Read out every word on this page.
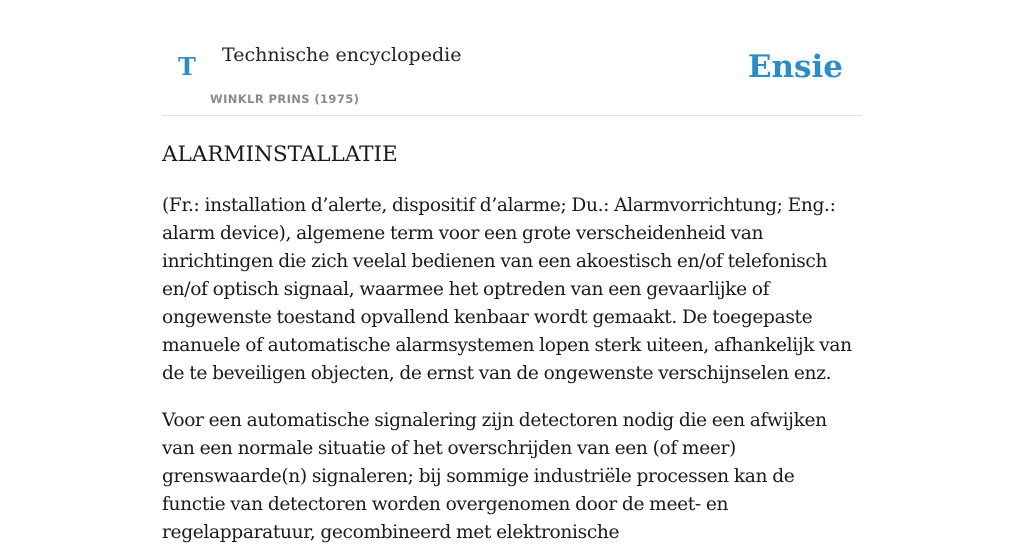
T Technische encyclopedie
WINKLR PRINS (1975)
Ensie
ALARMINSTALLATIE

(Fr.: installation d’alerte, dispositif d’alarme; Du.: Alarmvorrichtung; Eng.: alarm device), algemene term voor een grote verscheidenheid van inrichtingen die zich veelal bedienen van een akoestisch en/of telefonisch en/of optisch signaal, waarmee het optreden van een gevaarlijke of ongewenste toestand opvallend kenbaar wordt gemaakt. De toegepaste manuele of automatische alarmsystemen lopen sterk uiteen, afhankelijk van de te beveiligen objecten, de ernst van de ongewenste verschijnselen enz.

Voor een automatische signalering zijn detectoren nodig die een afwijken van een normale situatie of het overschrijden van een (of meer) grenswaarde(n) signaleren; bij sommige industriële processen kan de functie van detectoren worden overgenomen door de meet- en regelapparatuur, gecombineerd met elektronische
